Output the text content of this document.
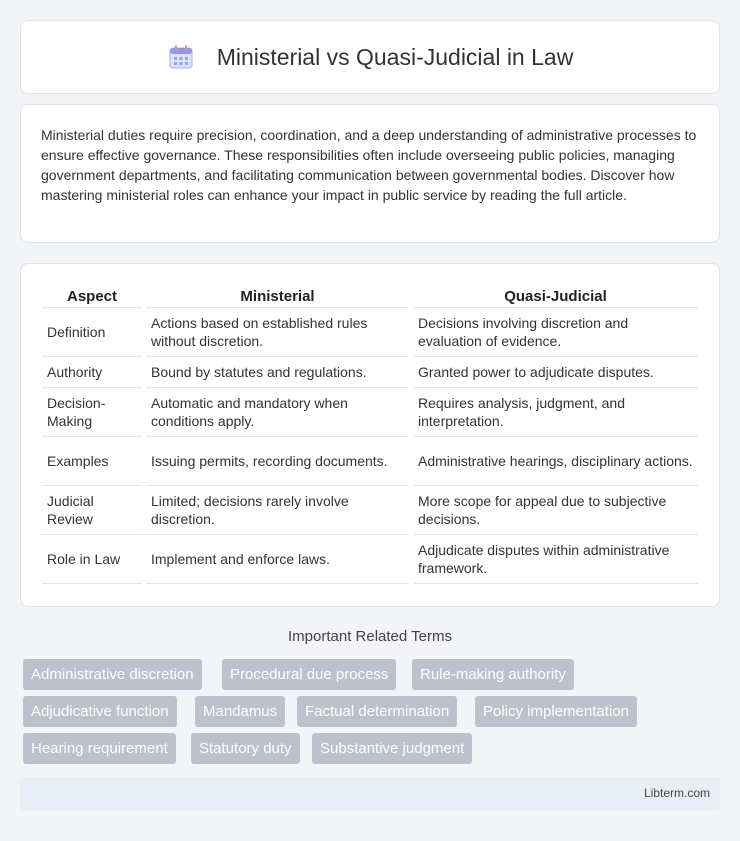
Ministerial vs Quasi-Judicial in Law

Ministerial duties require precision, coordination, and a deep understanding of administrative processes to ensure effective governance. These responsibilities often include overseeing public policies, managing government departments, and facilitating communication between governmental bodies. Discover how mastering ministerial roles can enhance your impact in public service by reading the full article.

Aspect	Ministerial	Quasi-Judicial
Definition	Actions based on established rules without discretion.	Decisions involving discretion and evaluation of evidence.
Authority	Bound by statutes and regulations.	Granted power to adjudicate disputes.
Decision-Making	Automatic and mandatory when conditions apply.	Requires analysis, judgment, and interpretation.
Examples	Issuing permits, recording documents.	Administrative hearings, disciplinary actions.
Judicial Review	Limited; decisions rarely involve discretion.	More scope for appeal due to subjective decisions.
Role in Law	Implement and enforce laws.	Adjudicate disputes within administrative framework.
Important Related Terms
Administrative discretion	Procedural due process	Rule-making authority
Adjudicative function	Mandamus	Factual determination	Policy implementation
Hearing requirement	Statutory duty	Substantive judgment
Libterm.com
